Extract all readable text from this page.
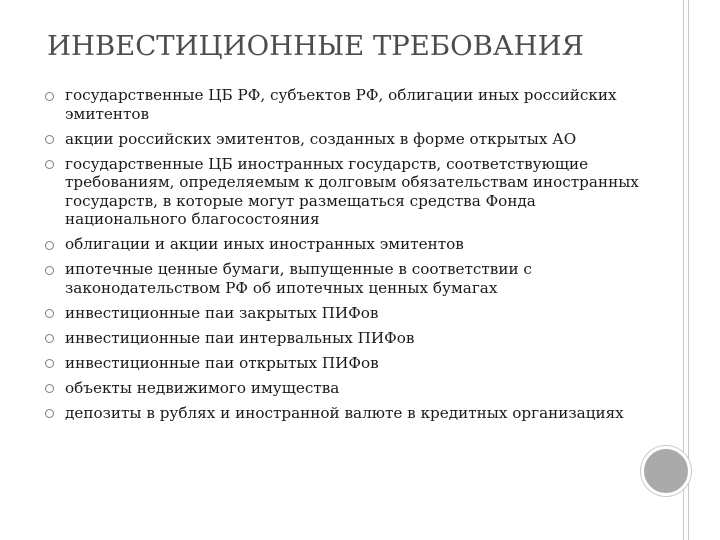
ИНВЕСТИЦИОННЫЕ ТРЕБОВАНИЯ
государственные ЦБ РФ, субъектов РФ, облигации иных российских эмитентов
акции российских эмитентов, созданных в форме открытых АО
государственные ЦБ иностранных государств, соответствующие требованиям, определяемым к долговым обязательствам иностранных государств, в которые могут размещаться средства Фонда национального благосостояния
облигации и акции иных иностранных эмитентов
ипотечные ценные бумаги, выпущенные в соответствии с законодательством РФ об ипотечных ценных бумагах
инвестиционные паи закрытых ПИФов
инвестиционные паи интервальных ПИФов
инвестиционные паи открытых ПИФов
объекты недвижимого имущества
депозиты в рублях и иностранной валюте в кредитных организациях
